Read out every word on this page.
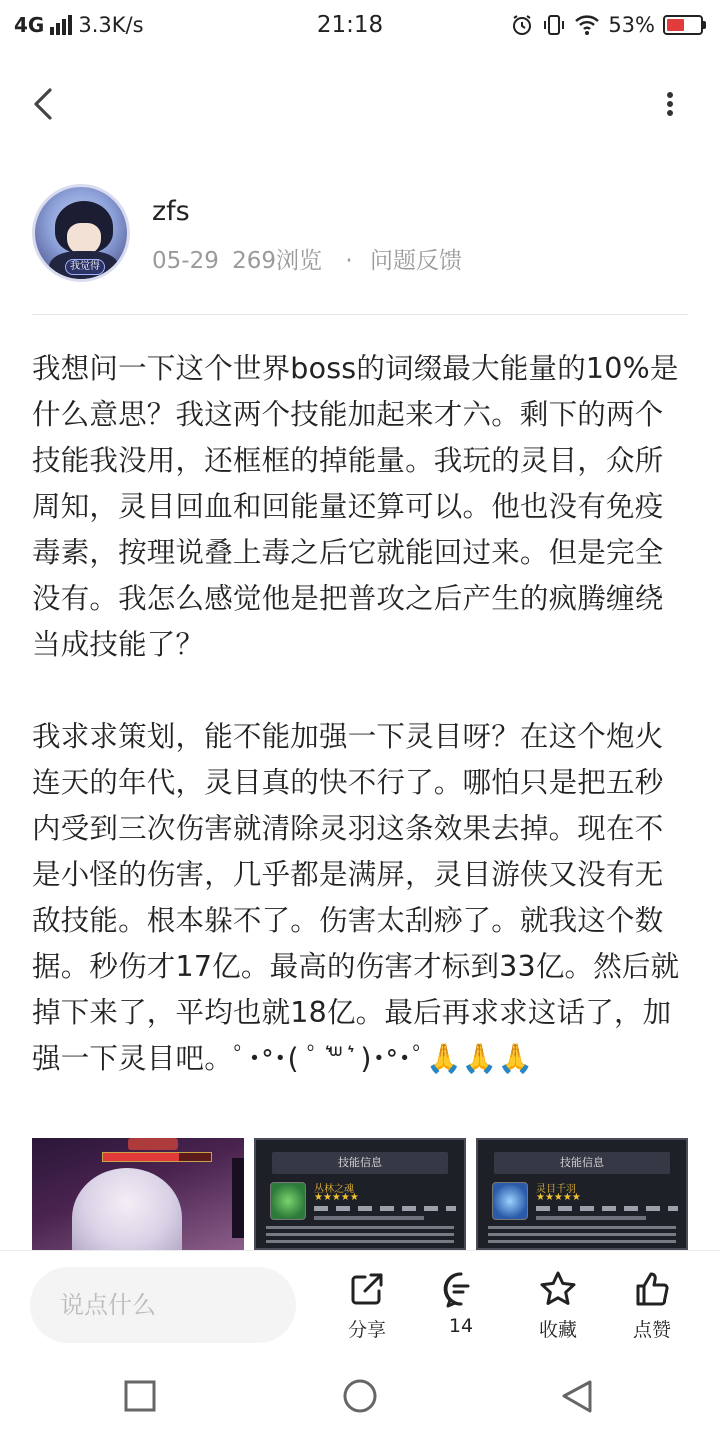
4G 3.3K/s	21:18	53%
我觉得
zfs
05-29 269浏览 · 问题反馈

我想问一下这个世界boss的词缀最大能量的10%是什么意思？我这两个技能加起来才六。剩下的两个技能我没用，还框框的掉能量。我玩的灵目，众所周知，灵目回血和回能量还算可以。他也没有免疫毒素，按理说叠上毒之后它就能回过来。但是完全没有。我怎么感觉他是把普攻之后产生的疯腾缠绕当成技能了？

我求求策划，能不能加强一下灵目呀？在这个炮火连天的年代，灵目真的快不行了。哪怕只是把五秒内受到三次伤害就清除灵羽这条效果去掉。现在不是小怪的伤害，几乎都是满屏，灵目游侠又没有无敌技能。根本躲不了。伤害太刮痧了。就我这个数据。秒伤才17亿。最高的伤害才标到33亿。然后就掉下来了，平均也就18亿。最后再求求这话了，加强一下灵目吧。ﾟ･ᐤ･( ﾟ ͛ᐜ ͛ )･ᐤ･ﾟ🙏🙏🙏

技能信息
丛林之魂
★★★★★
技能信息
灵目千羽
★★★★★
说点什么
分享	14	收藏	点赞
